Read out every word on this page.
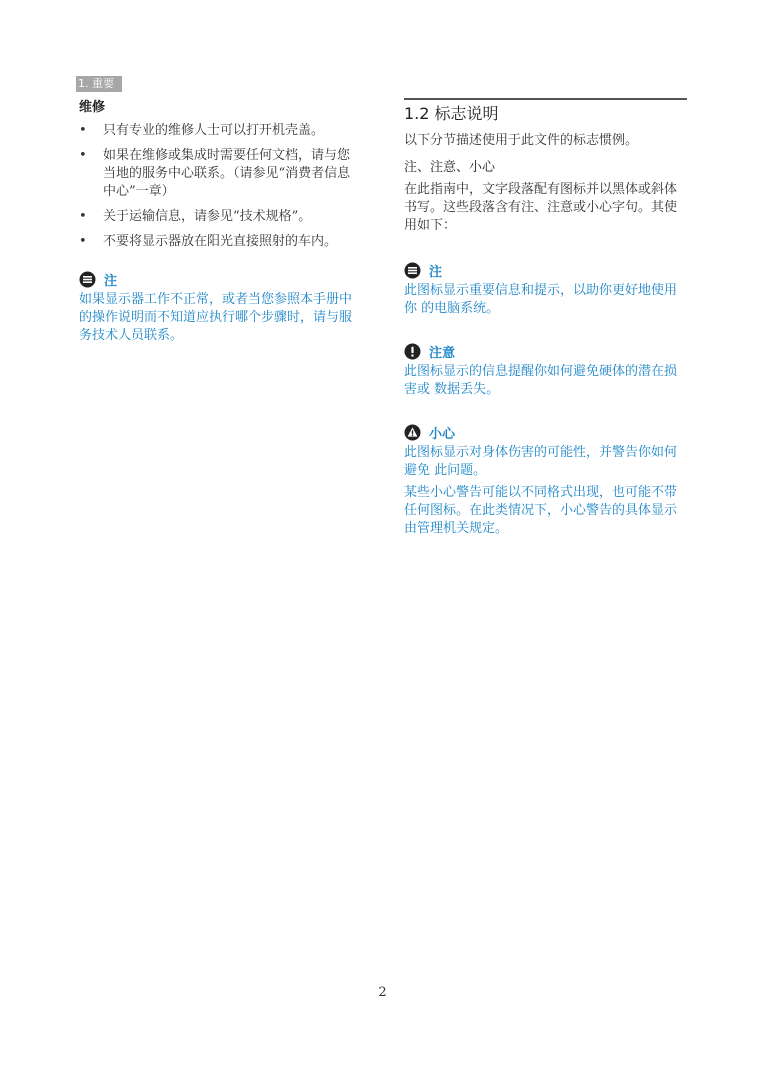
1. 重要
维修
• 只有专业的维修人士可以打开机壳盖。
• 如果在维修或集成时需要任何文档，请与您当地的服务中心联系。（请参见“消费者信息中心”一章）
• 关于运输信息，请参见“技术规格”。
• 不要将显示器放在阳光直接照射的车内。
注

如果显示器工作不正常，或者当您参照本手册中的操作说明而不知道应执行哪个步骤时，请与服务技术人员联系。

1.2 标志说明

以下分节描述使用于此文件的标志惯例。

注、注意、小心

在此指南中，文字段落配有图标并以黑体或斜体书写。这些段落含有注、注意或小心字句。其使用如下：

注

此图标显示重要信息和提示，以助你更好地使用你 的电脑系统。

注意

此图标显示的信息提醒你如何避免硬体的潜在损害或 数据丢失。

小心

此图标显示对身体伤害的可能性，并警告你如何避免 此问题。

某些小心警告可能以不同格式出现，也可能不带任何图标。在此类情况下，小心警告的具体显示由管理机关规定。

2
